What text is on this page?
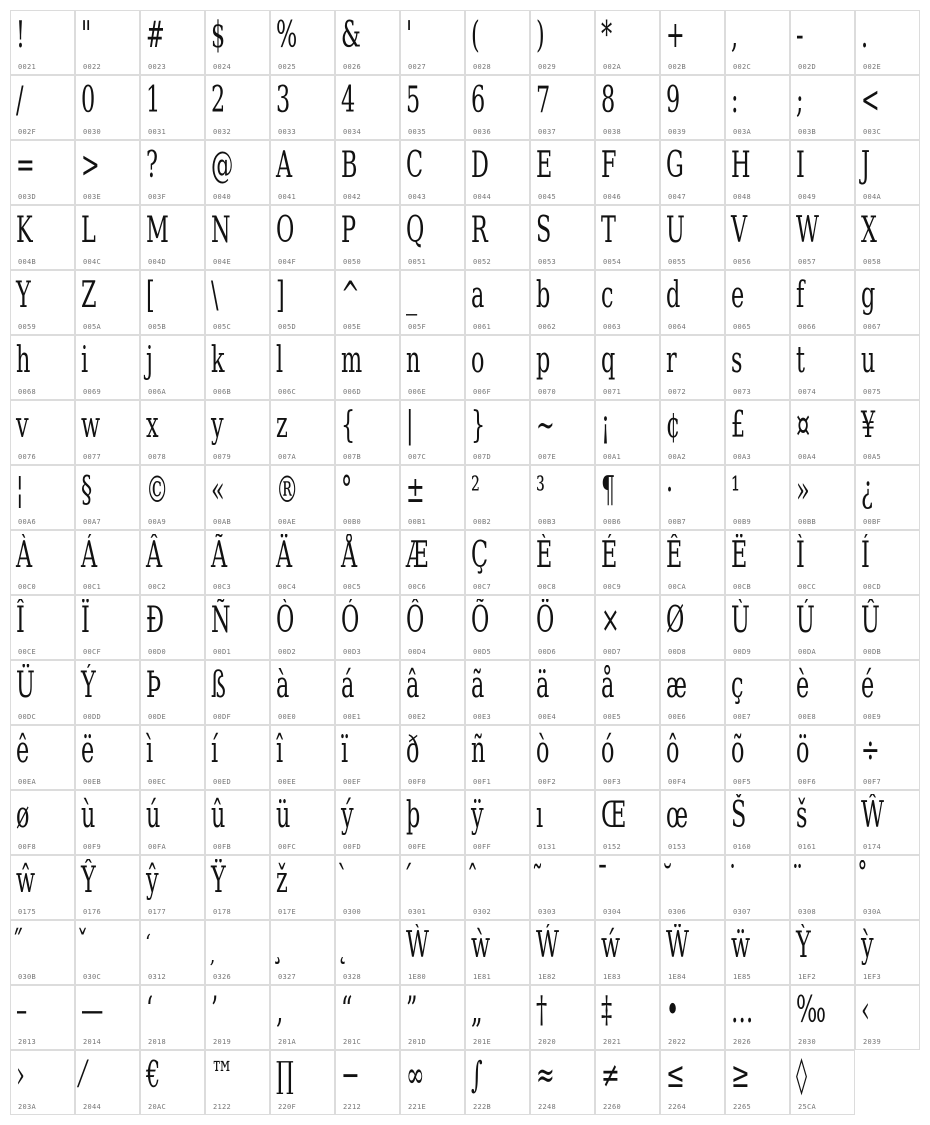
!
0021
"
0022
#
0023
$
0024
%
0025
&
0026
'
0027
(
0028
)
0029
*
002A
+
002B
,
002C
-
002D
.
002E
/
002F
0
0030
1
0031
2
0032
3
0033
4
0034
5
0035
6
0036
7
0037
8
0038
9
0039
:
003A
;
003B
<
003C
=
003D
>
003E
?
003F
@
0040
A
0041
B
0042
C
0043
D
0044
E
0045
F
0046
G
0047
H
0048
I
0049
J
004A
K
004B
L
004C
M
004D
N
004E
O
004F
P
0050
Q
0051
R
0052
S
0053
T
0054
U
0055
V
0056
W
0057
X
0058
Y
0059
Z
005A
[
005B
\
005C
]
005D
^
005E
_
005F
a
0061
b
0062
c
0063
d
0064
e
0065
f
0066
g
0067
h
0068
i
0069
j
006A
k
006B
l
006C
m
006D
n
006E
o
006F
p
0070
q
0071
r
0072
s
0073
t
0074
u
0075
v
0076
w
0077
x
0078
y
0079
z
007A
{
007B
|
007C
}
007D
~
007E
¡
00A1
¢
00A2
£
00A3
¤
00A4
¥
00A5
¦
00A6
§
00A7
©
00A9
«
00AB
®
00AE
°
00B0
±
00B1
²
00B2
³
00B3
¶
00B6
·
00B7
¹
00B9
»
00BB
¿
00BF
À
00C0
Á
00C1
Â
00C2
Ã
00C3
Ä
00C4
Å
00C5
Æ
00C6
Ç
00C7
È
00C8
É
00C9
Ê
00CA
Ë
00CB
Ì
00CC
Í
00CD
Î
00CE
Ï
00CF
Ð
00D0
Ñ
00D1
Ò
00D2
Ó
00D3
Ô
00D4
Õ
00D5
Ö
00D6
×
00D7
Ø
00D8
Ù
00D9
Ú
00DA
Û
00DB
Ü
00DC
Ý
00DD
Þ
00DE
ß
00DF
à
00E0
á
00E1
â
00E2
ã
00E3
ä
00E4
å
00E5
æ
00E6
ç
00E7
è
00E8
é
00E9
ê
00EA
ë
00EB
ì
00EC
í
00ED
î
00EE
ï
00EF
ð
00F0
ñ
00F1
ò
00F2
ó
00F3
ô
00F4
õ
00F5
ö
00F6
÷
00F7
ø
00F8
ù
00F9
ú
00FA
û
00FB
ü
00FC
ý
00FD
þ
00FE
ÿ
00FF
ı
0131
Œ
0152
œ
0153
Š
0160
š
0161
Ŵ
0174
ŵ
0175
Ŷ
0176
ŷ
0177
Ÿ
0178
ž
017E
̀
0300
́
0301
̂
0302
̃
0303
̄
0304
̆
0306
̇
0307
̈
0308
̊
030A
̋
030B
̌
030C
̒
0312
̦
0326
̧
0327
̨
0328
Ẁ
1E80
ẁ
1E81
Ẃ
1E82
ẃ
1E83
Ẅ
1E84
ẅ
1E85
Ỳ
1EF2
ỳ
1EF3
–
2013
—
2014
‘
2018
’
2019
‚
201A
“
201C
”
201D
„
201E
†
2020
‡
2021
•
2022
…
2026
‰
2030
‹
2039
›
203A
⁄
2044
€
20AC
™
2122
∏
220F
−
2212
∞
221E
∫
222B
≈
2248
≠
2260
≤
2264
≥
2265
◊
25CA
